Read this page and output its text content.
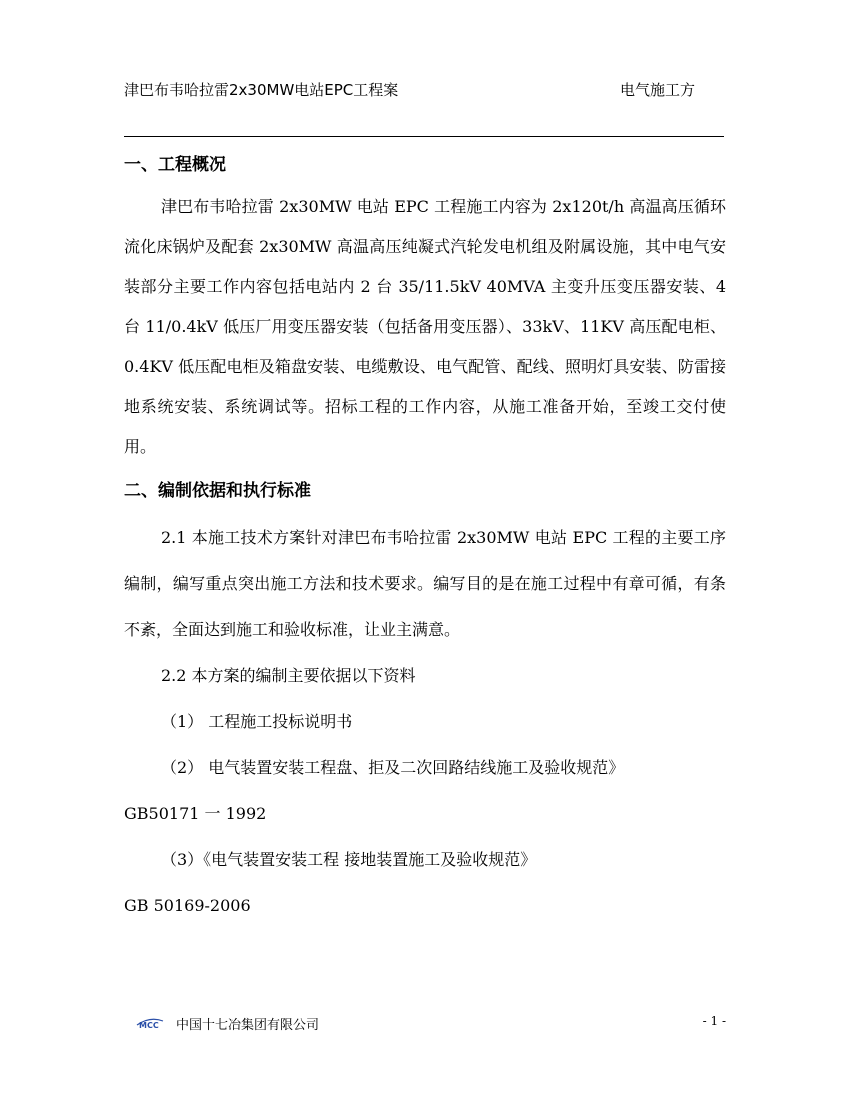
津巴布韦哈拉雷2x30MW电站EPC工程案	电气施工方
一、工程概况

津巴布韦哈拉雷 2x30MW 电站 EPC 工程施工内容为 2x120t/h 高温高压循环流化床锅炉及配套 2x30MW 高温高压纯凝式汽轮发电机组及附属设施，其中电气安装部分主要工作内容包括电站内 2 台 35/11.5kV 40MVA 主变升压变压器安装、4 台 11/0.4kV 低压厂用变压器安装（包括备用变压器）、33kV、11KV 高压配电柜、0.4KV 低压配电柜及箱盘安装、电缆敷设、电气配管、配线、照明灯具安装、防雷接地系统安装、系统调试等。招标工程的工作内容，从施工准备开始，至竣工交付使用。

二、编制依据和执行标准

2.1 本施工技术方案针对津巴布韦哈拉雷 2x30MW 电站 EPC 工程的主要工序编制，编写重点突出施工方法和技术要求。编写目的是在施工过程中有章可循，有条不紊，全面达到施工和验收标准，让业主满意。

2.2 本方案的编制主要依据以下资料

（1） 工程施工投标说明书

（2） 电气装置安装工程盘、拒及二次回路结线施工及验收规范》

GB50171 一 1992

（3）《电气装置安装工程 接地装置施工及验收规范》

GB 50169-2006

MCC 中国十七冶集团有限公司	- 1 -
